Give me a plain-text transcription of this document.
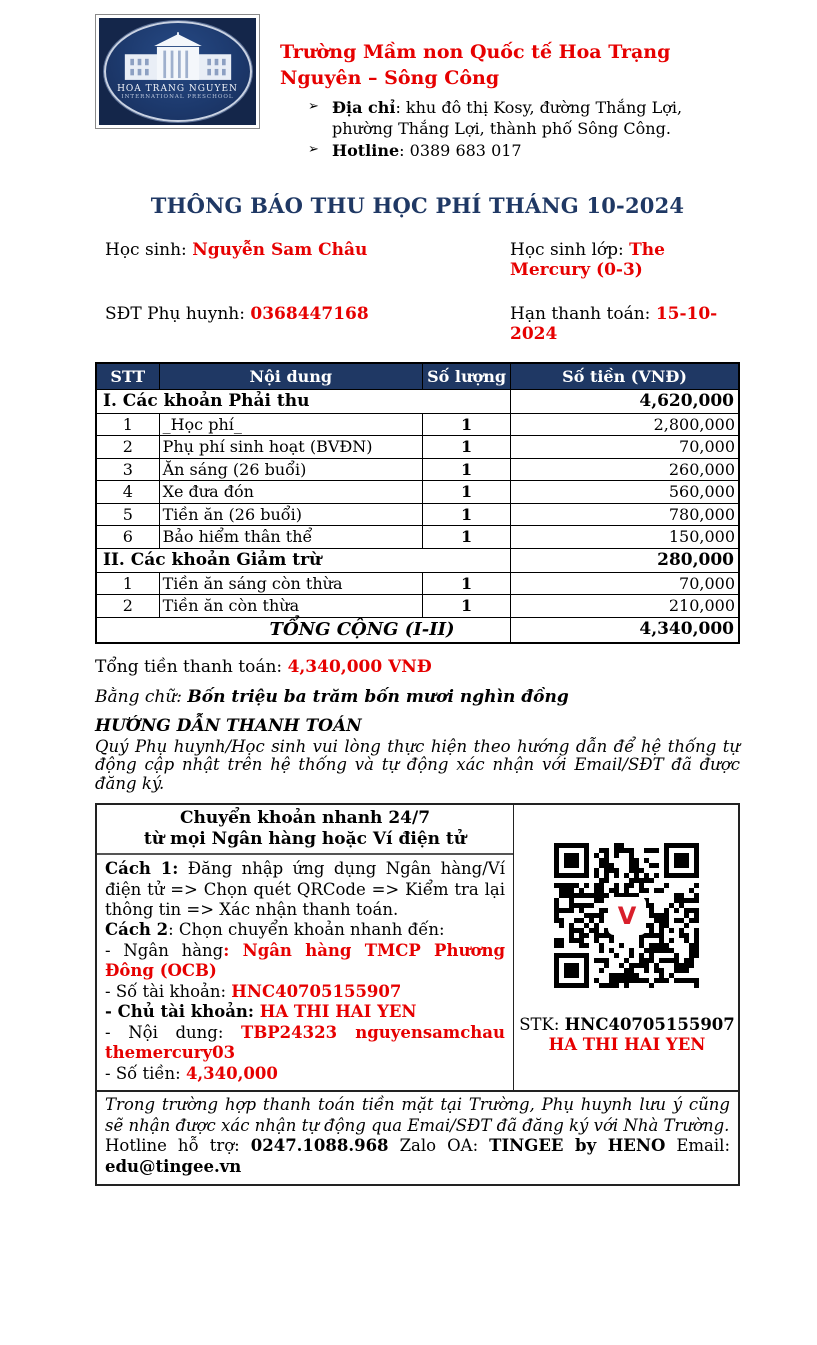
HOA TRANG NGUYEN
INTERNATIONAL PRESCHOOL
Trường Mầm non Quốc tế Hoa Trạng Nguyên – Sông Công
➢ Địa chỉ: khu đô thị Kosy, đường Thắng Lợi, phường Thắng Lợi, thành phố Sông Công.
➢ Hotline: 0389 683 017
THÔNG BÁO THU HỌC PHÍ THÁNG 10-2024
Học sinh: Nguyễn Sam Châu	Học sinh lớp: The Mercury (0-3)
SĐT Phụ huynh: 0368447168	Hạn thanh toán: 15-10-2024
STT	Nội dung	Số lượng	Số tiền (VNĐ)
I. Các khoản Phải thu			4,620,000
1	_Học phí_	1	2,800,000
2	Phụ phí sinh hoạt (BVĐN)	1	70,000
3	Ăn sáng (26 buổi)	1	260,000
4	Xe đưa đón	1	560,000
5	Tiền ăn (26 buổi)	1	780,000
6	Bảo hiểm thân thể	1	150,000
II. Các khoản Giảm trừ			280,000
1	Tiền ăn sáng còn thừa	1	70,000
2	Tiền ăn còn thừa	1	210,000
TỔNG CỘNG (I-II)			4,340,000
Tổng tiền thanh toán: 4,340,000 VNĐ
Bằng chữ: Bốn triệu ba trăm bốn mươi nghìn đồng
HƯỚNG DẪN THANH TOÁN
Quý Phụ huynh/Học sinh vui lòng thực hiện theo hướng dẫn để hệ thống tự động cập nhật trên hệ thống và tự động xác nhận với Email/SĐT đã được đăng ký.
Chuyển khoản nhanh 24/7
từ mọi Ngân hàng hoặc Ví điện tử
Cách 1: Đăng nhập ứng dụng Ngân hàng/Ví điện tử => Chọn quét QRCode => Kiểm tra lại thông tin => Xác nhận thanh toán.
Cách 2: Chọn chuyển khoản nhanh đến:
- Ngân hàng: Ngân hàng TMCP Phương Đông (OCB)
- Số tài khoản: HNC40705155907
- Chủ tài khoản: HA THI HAI YEN
- Nội dung: TBP24323 nguyensamchau themercury03
- Số tiền: 4,340,000
V
STK: HNC40705155907
HA THI HAI YEN
Trong trường hợp thanh toán tiền mặt tại Trường, Phụ huynh lưu ý cũng sẽ nhận được xác nhận tự động qua Emai/SĐT đã đăng ký với Nhà Trường.
Hotline hỗ trợ: 0247.1088.968 Zalo OA: TINGEE by HENO Email: edu@tingee.vn
